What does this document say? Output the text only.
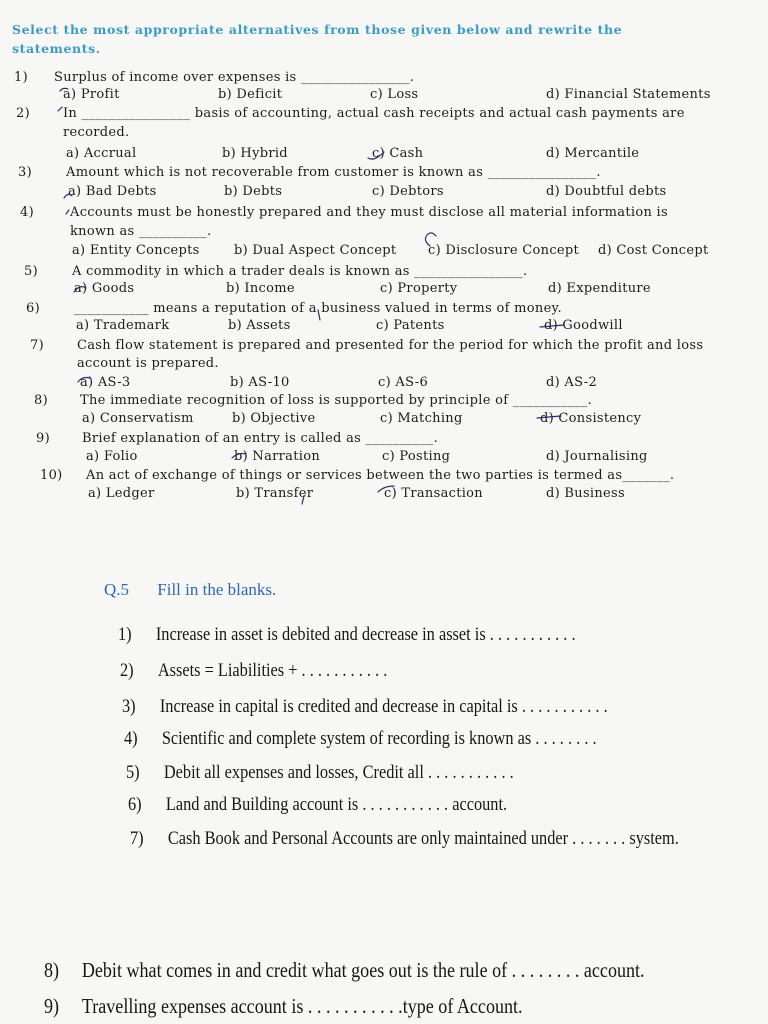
Select the most appropriate alternatives from those given below and rewrite the statements.
1) Surplus of income over expenses is ________________.
a) Profit	b) Deficit	c) Loss	d) Financial Statements
2)	In ________________ basis of accounting, actual cash receipts and actual cash payments are
recorded.
a) Accrual	b) Hybrid	c) Cash	d) Mercantile
3)	Amount which is not recoverable from customer is known as ________________.
a) Bad Debts	b) Debts	c) Debtors	d) Doubtful debts
4)	Accounts must be honestly prepared and they must disclose all material information is
known as __________.
a) Entity Concepts	b) Dual Aspect Concept c) Disclosure Concept d) Cost Concept
5)	A commodity in which a trader deals is known as ________________.
a) Goods	b) Income	c) Property	d) Expenditure
6)	___________ means a reputation of a business valued in terms of money.
a) Trademark	b) Assets	c) Patents	d) Goodwill
7)	Cash flow statement is prepared and presented for the period for which the profit and loss
account is prepared.
a) AS-3	b) AS-10	c) AS-6	d) AS-2
8) The immediate recognition of loss is supported by principle of ___________.
a) Conservatism	b) Objective	c) Matching	d) Consistency
9) Brief explanation of an entry is called as __________.
a) Folio	b) Narration	c) Posting	d) Journalising
10) An act of exchange of things or services between the two parties is termed as_______.
a) Ledger	b) Transfer	c) Transaction	d) Business
Q.5 Fill in the blanks.
1) Increase in asset is debited and decrease in asset is . . . . . . . . . . .
2) Assets = Liabilities + . . . . . . . . . . .
3) Increase in capital is credited and decrease in capital is . . . . . . . . . . .
4) Scientific and complete system of recording is known as . . . . . . . .
5) Debit all expenses and losses, Credit all . . . . . . . . . . .
6) Land and Building account is . . . . . . . . . . . account.
7) Cash Book and Personal Accounts are only maintained under . . . . . . . system.
8) Debit what comes in and credit what goes out is the rule of . . . . . . . . account.
9) Travelling expenses account is . . . . . . . . . . .type of Account.
